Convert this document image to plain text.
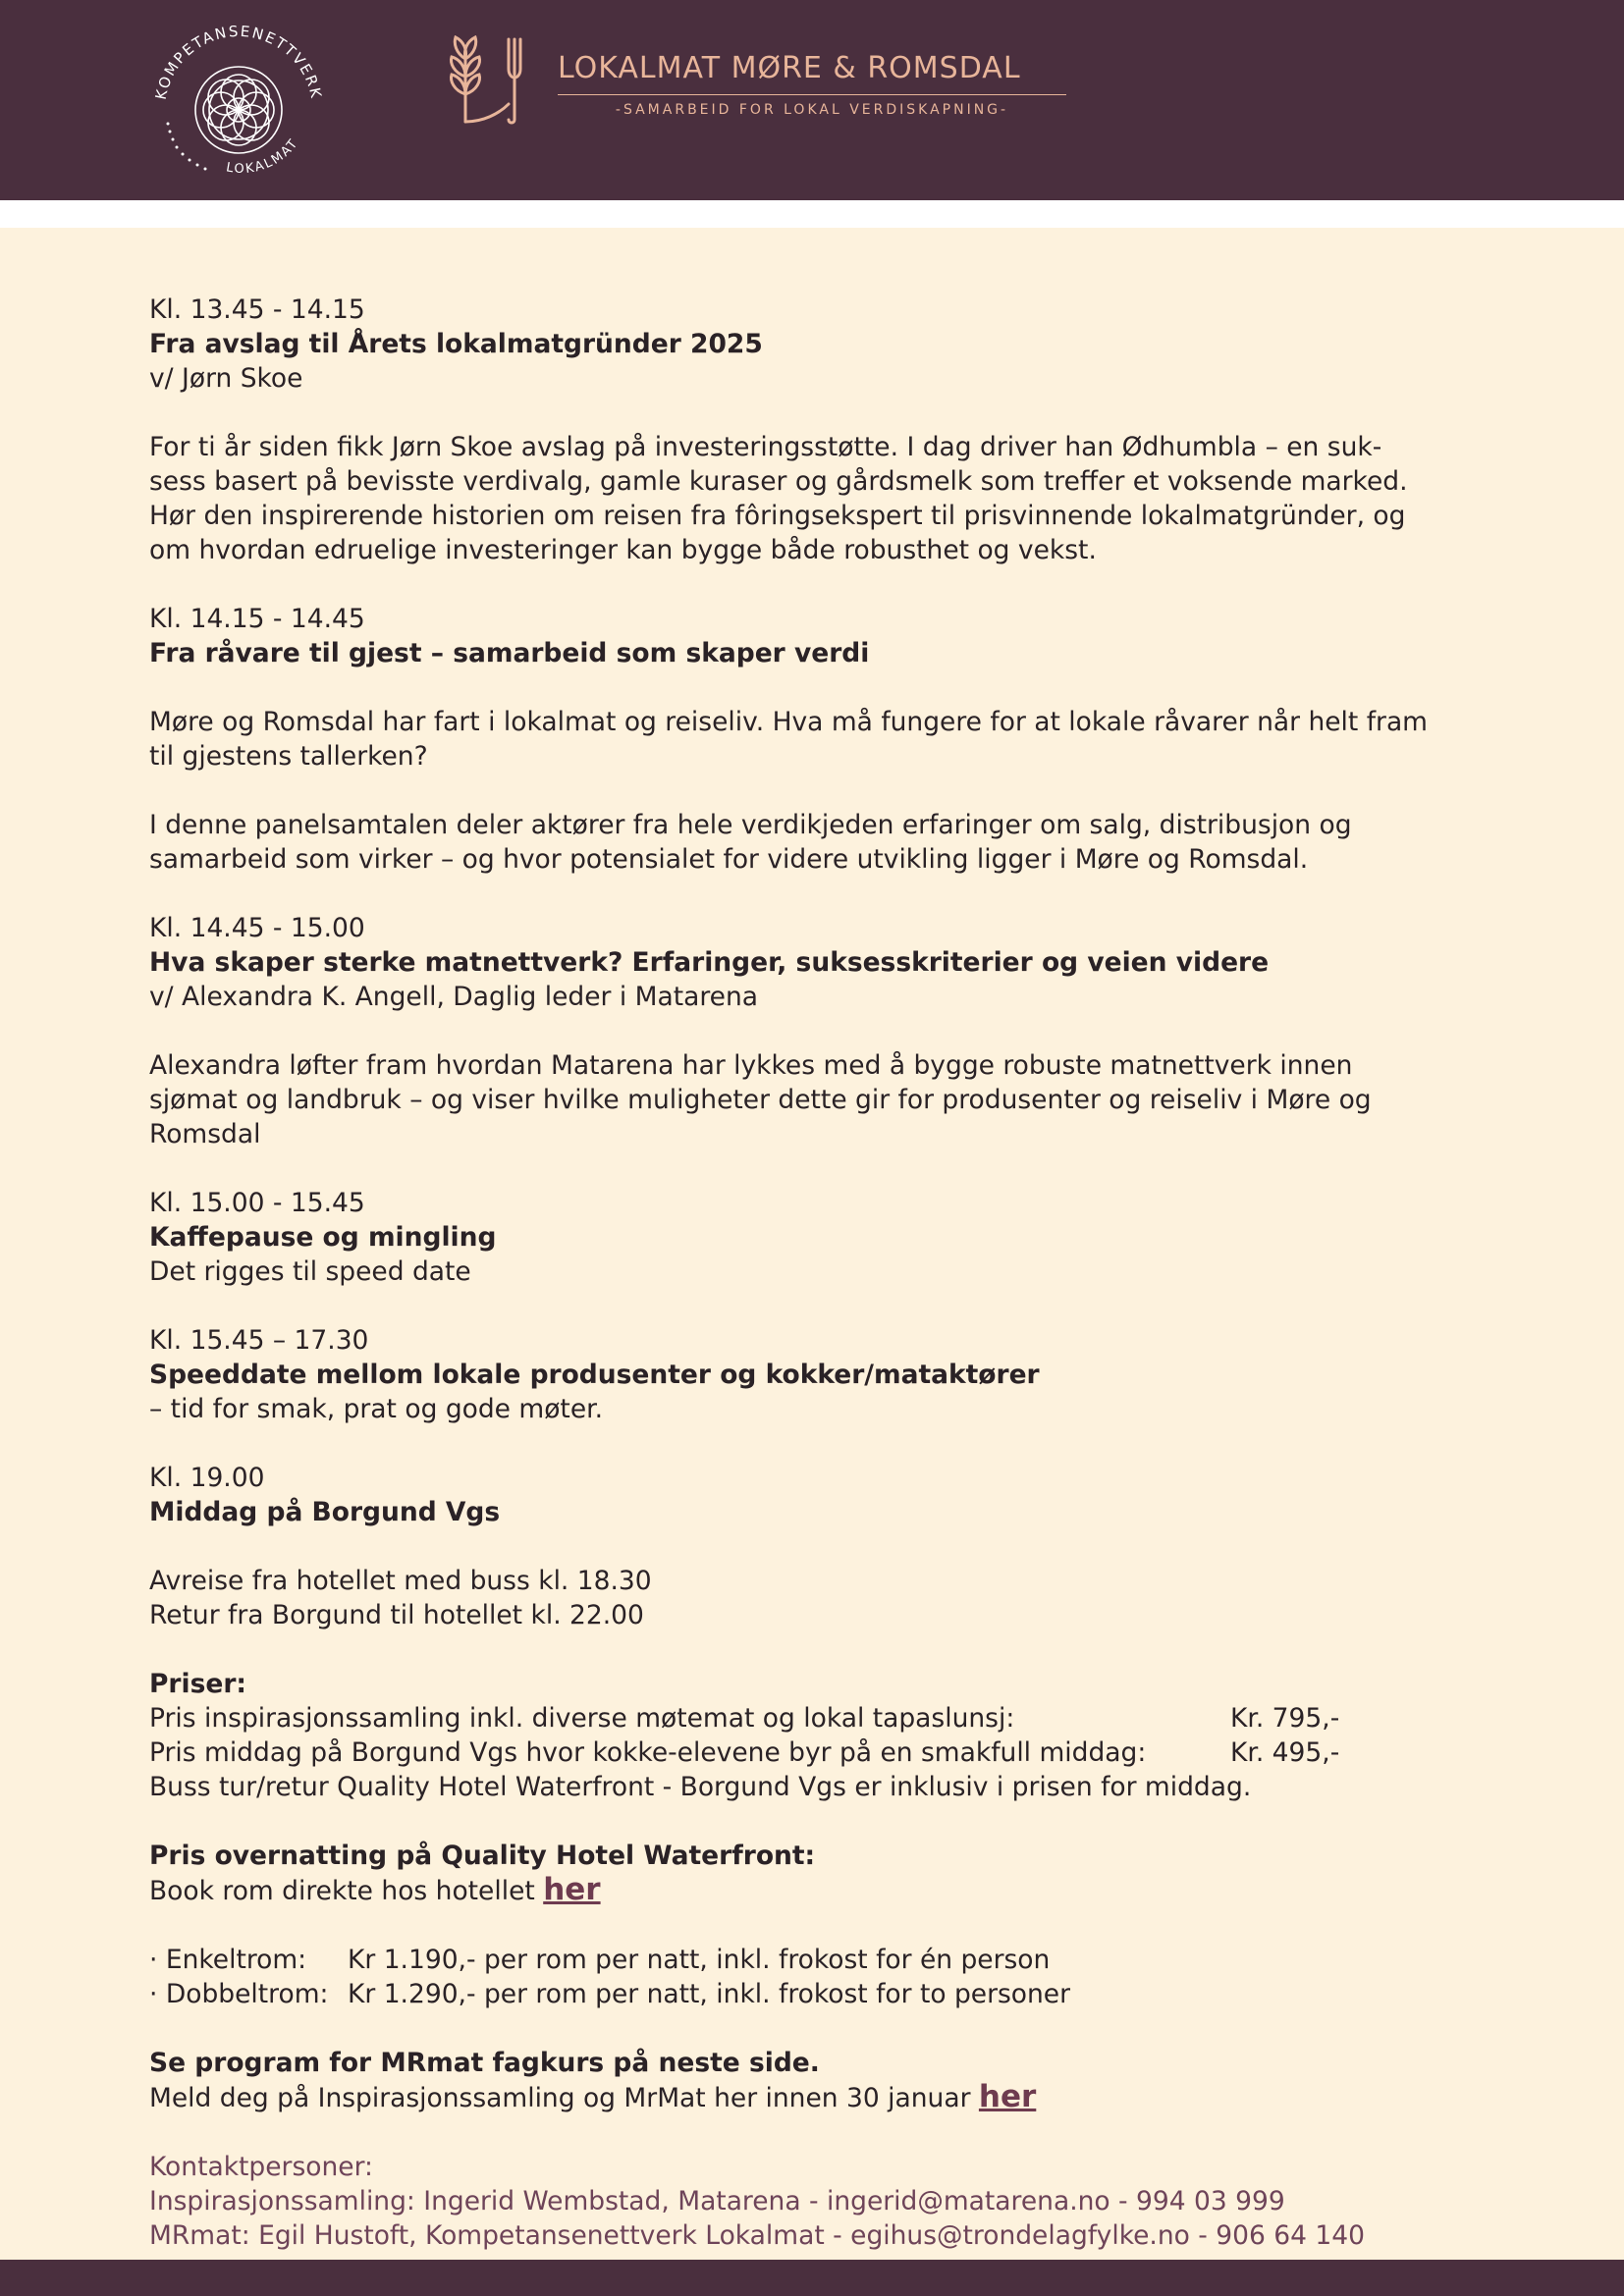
KOMPETANSENETTVERK
LOKALMAT
LOKALMAT MØRE & ROMSDAL
-SAMARBEID FOR LOKAL VERDISKAPNING-

Kl. 13.45 - 14.15

Fra avslag til Årets lokalmatgründer 2025

v/ Jørn Skoe

For ti år siden fikk Jørn Skoe avslag på investeringsstøtte. I dag driver han Ødhumbla – en suk-

sess basert på bevisste verdivalg, gamle kuraser og gårdsmelk som treffer et voksende marked.

Hør den inspirerende historien om reisen fra fôringsekspert til prisvinnende lokalmatgründer, og

om hvordan edruelige investeringer kan bygge både robusthet og vekst.

Kl. 14.15 - 14.45

Fra råvare til gjest – samarbeid som skaper verdi

Møre og Romsdal har fart i lokalmat og reiseliv. Hva må fungere for at lokale råvarer når helt fram

til gjestens tallerken?

I denne panelsamtalen deler aktører fra hele verdikjeden erfaringer om salg, distribusjon og

samarbeid som virker – og hvor potensialet for videre utvikling ligger i Møre og Romsdal.

Kl. 14.45 - 15.00

Hva skaper sterke matnettverk? Erfaringer, suksesskriterier og veien videre

v/ Alexandra K. Angell, Daglig leder i Matarena

Alexandra løfter fram hvordan Matarena har lykkes med å bygge robuste matnettverk innen

sjømat og landbruk – og viser hvilke muligheter dette gir for produsenter og reiseliv i Møre og

Romsdal

Kl. 15.00 - 15.45

Kaffepause og mingling

Det rigges til speed date

Kl. 15.45 – 17.30

Speeddate mellom lokale produsenter og kokker/mataktører

– tid for smak, prat og gode møter.

Kl. 19.00

Middag på Borgund Vgs

Avreise fra hotellet med buss kl. 18.30

Retur fra Borgund til hotellet kl. 22.00

Priser:

Pris inspirasjonssamling inkl. diverse møtemat og lokal tapaslunsj:	Kr. 795,-
Pris middag på Borgund Vgs hvor kokke-elevene byr på en smakfull middag:	Kr. 495,-

Buss tur/retur Quality Hotel Waterfront - Borgund Vgs er inklusiv i prisen for middag.

Pris overnatting på Quality Hotel Waterfront:

Book rom direkte hos hotellet her

· Enkeltrom:	Kr 1.190,- per rom per natt, inkl. frokost for én person
· Dobbeltrom: Kr 1.290,- per rom per natt, inkl. frokost for to personer

Se program for MRmat fagkurs på neste side.

Meld deg på Inspirasjonssamling og MrMat her innen 30 januar her

Kontaktpersoner:

Inspirasjonssamling: Ingerid Wembstad, Matarena - ingerid@matarena.no - 994 03 999

MRmat: Egil Hustoft, Kompetansenettverk Lokalmat - egihus@trondelagfylke.no - 906 64 140
